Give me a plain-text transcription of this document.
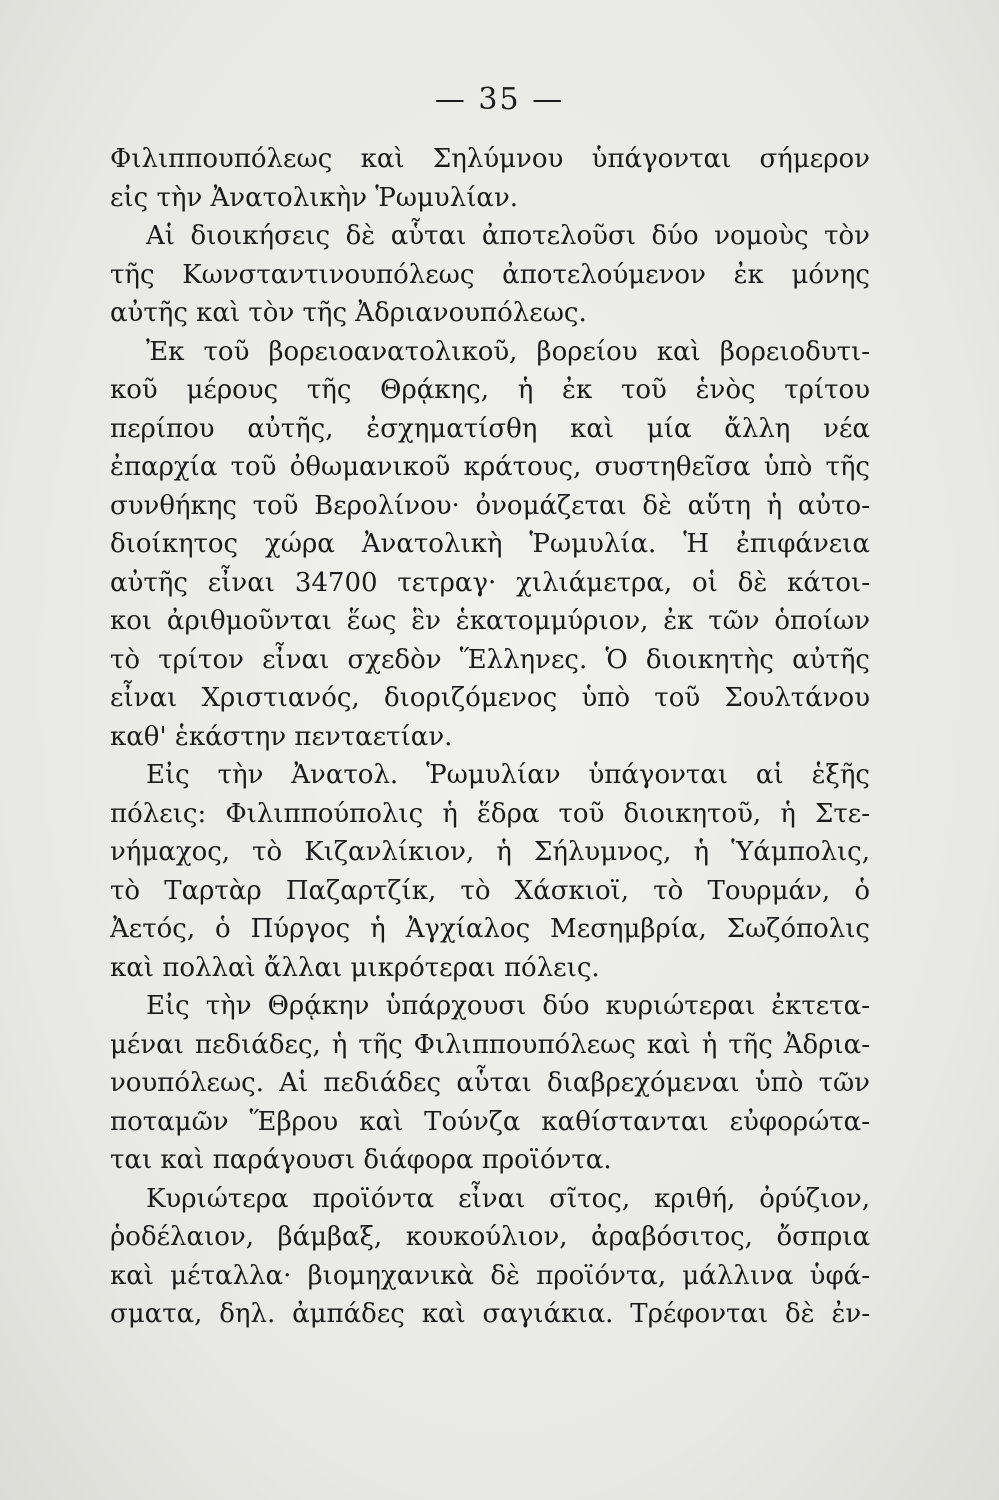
— 35 —
Φιλιππουπόλεως καὶ Σηλύμνου ὑπάγονται σήμερον
εἰς τὴν Ἀνατολικὴν Ῥωμυλίαν.
Αἱ διοικήσεις δὲ αὗται ἀποτελοῦσι δύο νομοὺς τὸν
τῆς Κωνσταντινουπόλεως ἀποτελούμενον ἐκ μόνης
αὐτῆς καὶ τὸν τῆς Ἀδριανουπόλεως.
Ἐκ τοῦ βορειοανατολικοῦ, βορείου καὶ βορειοδυτι-
κοῦ μέρους τῆς Θρᾴκης, ἡ ἐκ τοῦ ἑνὸς τρίτου
περίπου αὐτῆς, ἐσχηματίσθη καὶ μία ἄλλη νέα
ἐπαρχία τοῦ ὀθωμανικοῦ κράτους, συστηθεῖσα ὑπὸ τῆς
συνθήκης τοῦ Βερολίνου· ὀνομάζεται δὲ αὕτη ἡ αὐτο-
διοίκητος χώρα Ἀνατολικὴ Ῥωμυλία. Ἡ ἐπιφάνεια
αὐτῆς εἶναι 34700 τετραγ· χιλιάμετρα, οἱ δὲ κάτοι-
κοι ἀριθμοῦνται ἕως ἓν ἑκατομμύριον, ἐκ τῶν ὁποίων
τὸ τρίτον εἶναι σχεδὸν Ἕλληνες. Ὁ διοικητὴς αὐτῆς
εἶναι Χριστιανός, διοριζόμενος ὑπὸ τοῦ Σουλτάνου
καθ' ἑκάστην πενταετίαν.
Εἰς τὴν Ἀνατολ. Ῥωμυλίαν ὑπάγονται αἱ ἑξῆς
πόλεις: Φιλιππούπολις ἡ ἕδρα τοῦ διοικητοῦ, ἡ Στε-
νήμαχος, τὸ Κιζανλίκιον, ἡ Σήλυμνος, ἡ Ὑάμπολις,
τὸ Ταρτὰρ Παζαρτζίκ, τὸ Χάσκιοϊ, τὸ Τουρμάν, ὁ
Ἀετός, ὁ Πύργος ἡ Ἀγχίαλος Μεσημβρία, Σωζόπολις
καὶ πολλαὶ ἄλλαι μικρότεραι πόλεις.
Εἰς τὴν Θρᾴκην ὑπάρχουσι δύο κυριώτεραι ἐκτετα-
μέναι πεδιάδες, ἡ τῆς Φιλιππουπόλεως καὶ ἡ τῆς Ἀδρια-
νουπόλεως. Αἱ πεδιάδες αὗται διαβρεχόμεναι ὑπὸ τῶν
ποταμῶν Ἕβρου καὶ Τούνζα καθίστανται εὐφορώτα-
ται καὶ παράγουσι διάφορα προϊόντα.
Κυριώτερα προϊόντα εἶναι σῖτος, κριθή, ὀρύζιον,
ῥοδέλαιον, βάμβαξ, κουκούλιον, ἀραβόσιτος, ὄσπρια
καὶ μέταλλα· βιομηχανικὰ δὲ προϊόντα, μάλλινα ὑφά-
σματα, δηλ. ἀμπάδες καὶ σαγιάκια. Τρέφονται δὲ ἐν-
